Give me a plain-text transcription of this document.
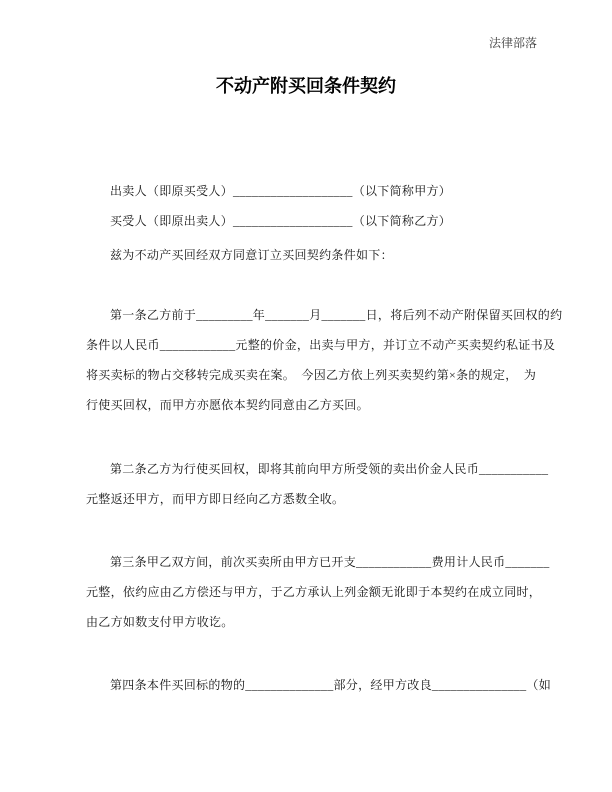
法律部落
不动产附买回条件契约

出卖人（即原买受人）___________________（以下简称甲方）

买受人（即原出卖人）___________________（以下简称乙方）

兹为不动产买回经双方同意订立买回契约条件如下：

第一条乙方前于_________年_______月_______日，将后列不动产附保留买回权的约

条件以人民币____________元整的价金，出卖与甲方，并订立不动产买卖契约私证书及

将买卖标的物占交移转完成买卖在案。　今因乙方依上列买卖契约第×条的规定，　为

行使买回权，而甲方亦愿依本契约同意由乙方买回。

第二条乙方为行使买回权，即将其前向甲方所受领的卖出价金人民币___________

元整返还甲方，而甲方即日经向乙方悉数全收。

第三条甲乙双方间，前次买卖所由甲方已开支____________费用计人民币_______

元整，依约应由乙方偿还与甲方，于乙方承认上列金额无讹即于本契约在成立同时，

由乙方如数支付甲方收讫。

第四条本件买回标的物的______________部分，经甲方改良_______________（如
